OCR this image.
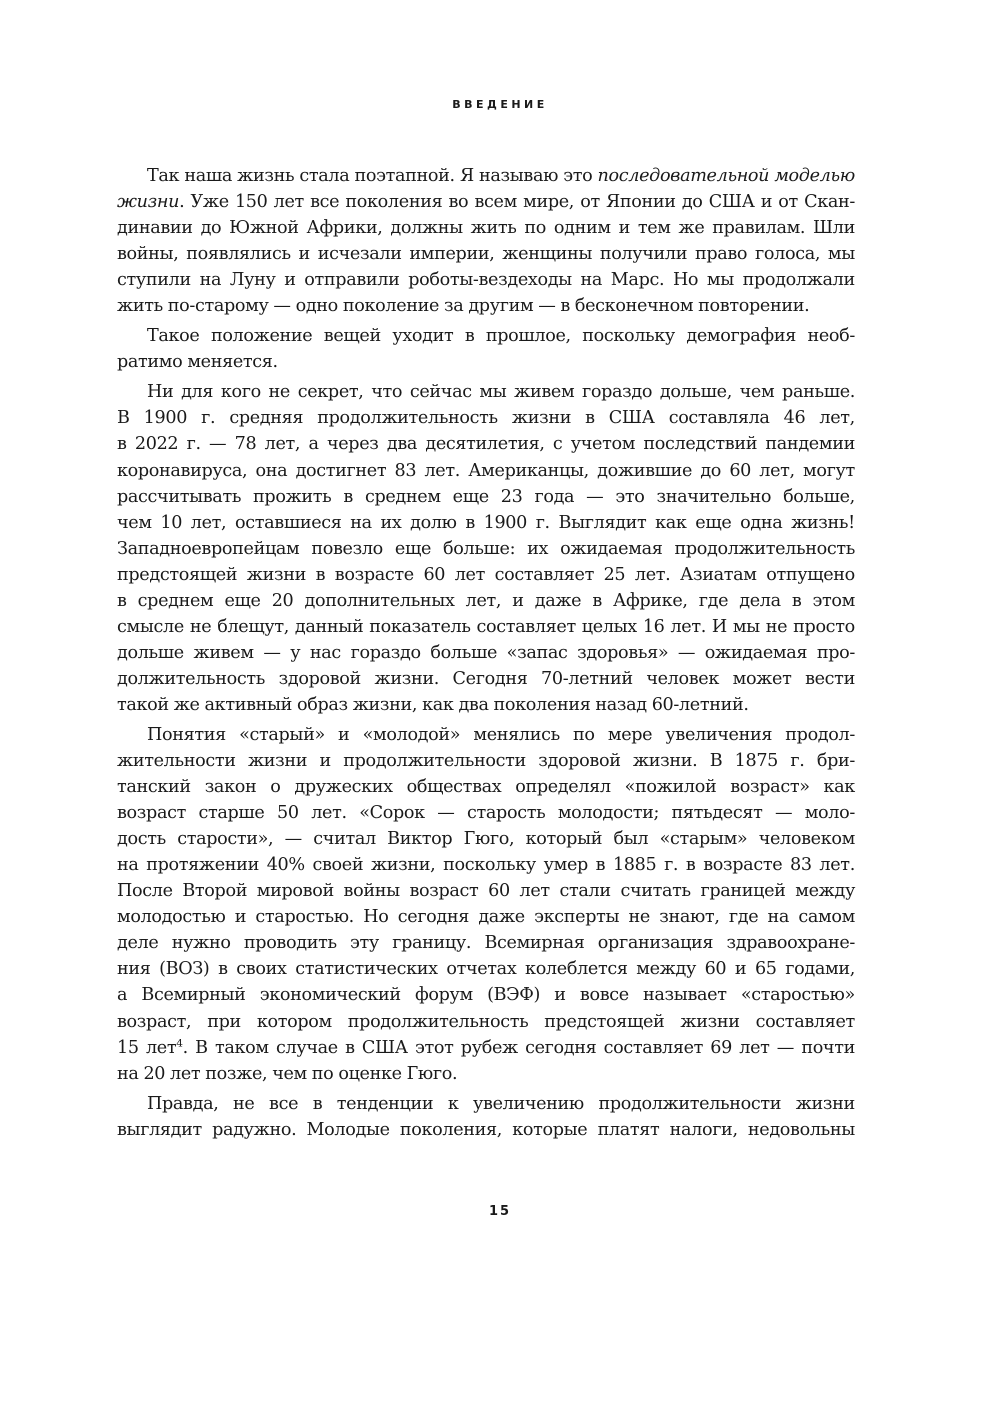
ВВЕДЕНИЕ
Так наша жизнь стала поэтапной. Я называю это последовательной моделью
жизни. Уже 150 лет все поколения во всем мире, от Японии до США и от Скан-
динавии до Южной Африки, должны жить по одним и тем же правилам. Шли
войны, появлялись и исчезали империи, женщины получили право голоса, мы
ступили на Луну и отправили роботы-вездеходы на Марс. Но мы продолжали
жить по-старому — одно поколение за другим — в бесконечном повторении.
Такое положение вещей уходит в прошлое, поскольку демография необ-
ратимо меняется.
Ни для кого не секрет, что сейчас мы живем гораздо дольше, чем раньше.
В 1900 г. средняя продолжительность жизни в США составляла 46 лет,
в 2022 г. — 78 лет, а через два десятилетия, с учетом последствий пандемии
коронавируса, она достигнет 83 лет. Американцы, дожившие до 60 лет, могут
рассчитывать прожить в среднем еще 23 года — это значительно больше,
чем 10 лет, оставшиеся на их долю в 1900 г. Выглядит как еще одна жизнь!
Западноевропейцам повезло еще больше: их ожидаемая продолжительность
предстоящей жизни в возрасте 60 лет составляет 25 лет. Азиатам отпущено
в среднем еще 20 дополнительных лет, и даже в Африке, где дела в этом
смысле не блещут, данный показатель составляет целых 16 лет. И мы не просто
дольше живем — у нас гораздо больше «запас здоровья» — ожидаемая про-
должительность здоровой жизни. Сегодня 70-летний человек может вести
такой же активный образ жизни, как два поколения назад 60-летний.
Понятия «старый» и «молодой» менялись по мере увеличения продол-
жительности жизни и продолжительности здоровой жизни. В 1875 г. бри-
танский закон о дружеских обществах определял «пожилой возраст» как
возраст старше 50 лет. «Сорок — старость молодости; пятьдесят — моло-
дость старости», — считал Виктор Гюго, который был «старым» человеком
на протяжении 40% своей жизни, поскольку умер в 1885 г. в возрасте 83 лет.
После Второй мировой войны возраст 60 лет стали считать границей между
молодостью и старостью. Но сегодня даже эксперты не знают, где на самом
деле нужно проводить эту границу. Всемирная организация здравоохране-
ния (ВОЗ) в своих статистических отчетах колеблется между 60 и 65 годами,
а Всемирный экономический форум (ВЭФ) и вовсе называет «старостью»
возраст, при котором продолжительность предстоящей жизни составляет
15 лет$^4$. В таком случае в США этот рубеж сегодня составляет 69 лет — почти
на 20 лет позже, чем по оценке Гюго.
Правда, не все в тенденции к увеличению продолжительности жизни
выглядит радужно. Молодые поколения, которые платят налоги, недовольны
15
